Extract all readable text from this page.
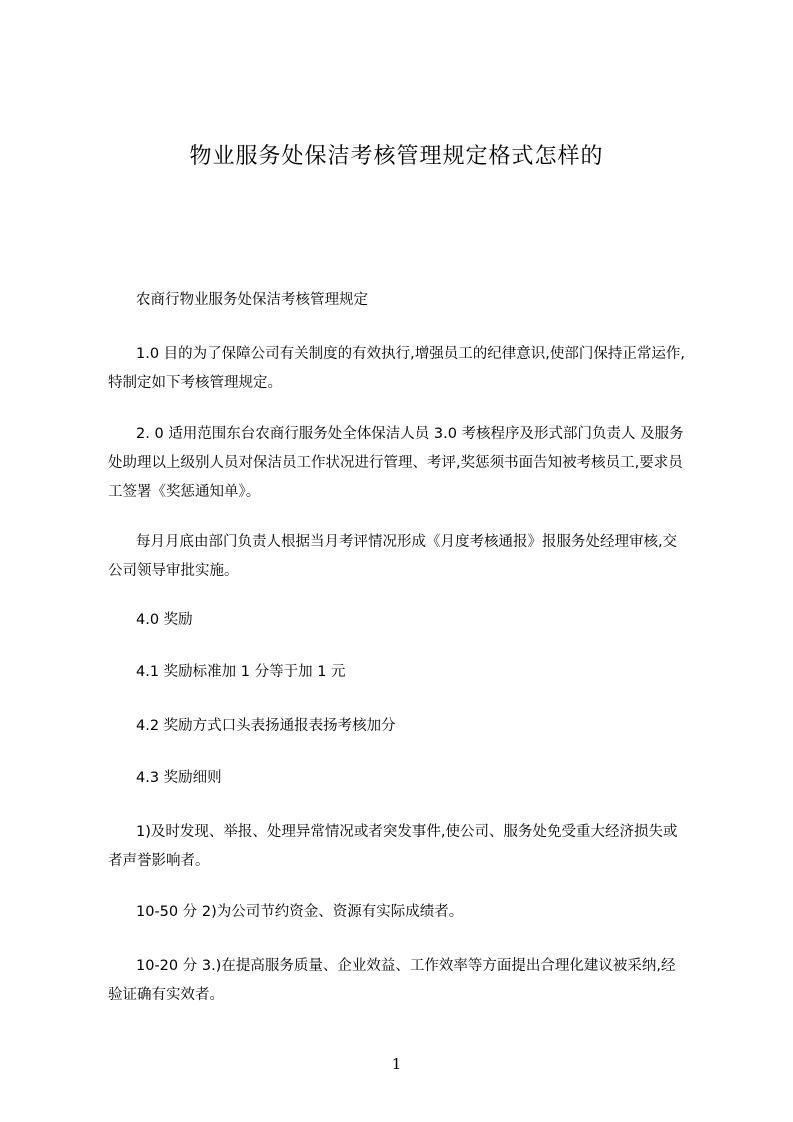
物业服务处保洁考核管理规定格式怎样的
农商行物业服务处保洁考核管理规定
1.0 目的为了保障公司有关制度的有效执行,增强员工的纪律意识,使部门保持正常运作,特制定如下考核管理规定。
2. 0 适用范围东台农商行服务处全体保洁人员 3.0 考核程序及形式部门负责人 及服务处助理以上级别人员对保洁员工作状况进行管理、考评,奖惩须书面告知被考核员工,要求员工签署《奖惩通知单》。
每月月底由部门负责人根据当月考评情况形成《月度考核通报》报服务处经理审核,交公司领导审批实施。
4.0 奖励
4.1 奖励标准加 1 分等于加 1 元
4.2 奖励方式口头表扬通报表扬考核加分
4.3 奖励细则
1)及时发现、举报、处理异常情况或者突发事件,使公司、服务处免受重大经济损失或者声誉影响者。
10-50 分 2)为公司节约资金、资源有实际成绩者。
10-20 分 3.)在提高服务质量、企业效益、工作效率等方面提出合理化建议被采纳,经验证确有实效者。
1
